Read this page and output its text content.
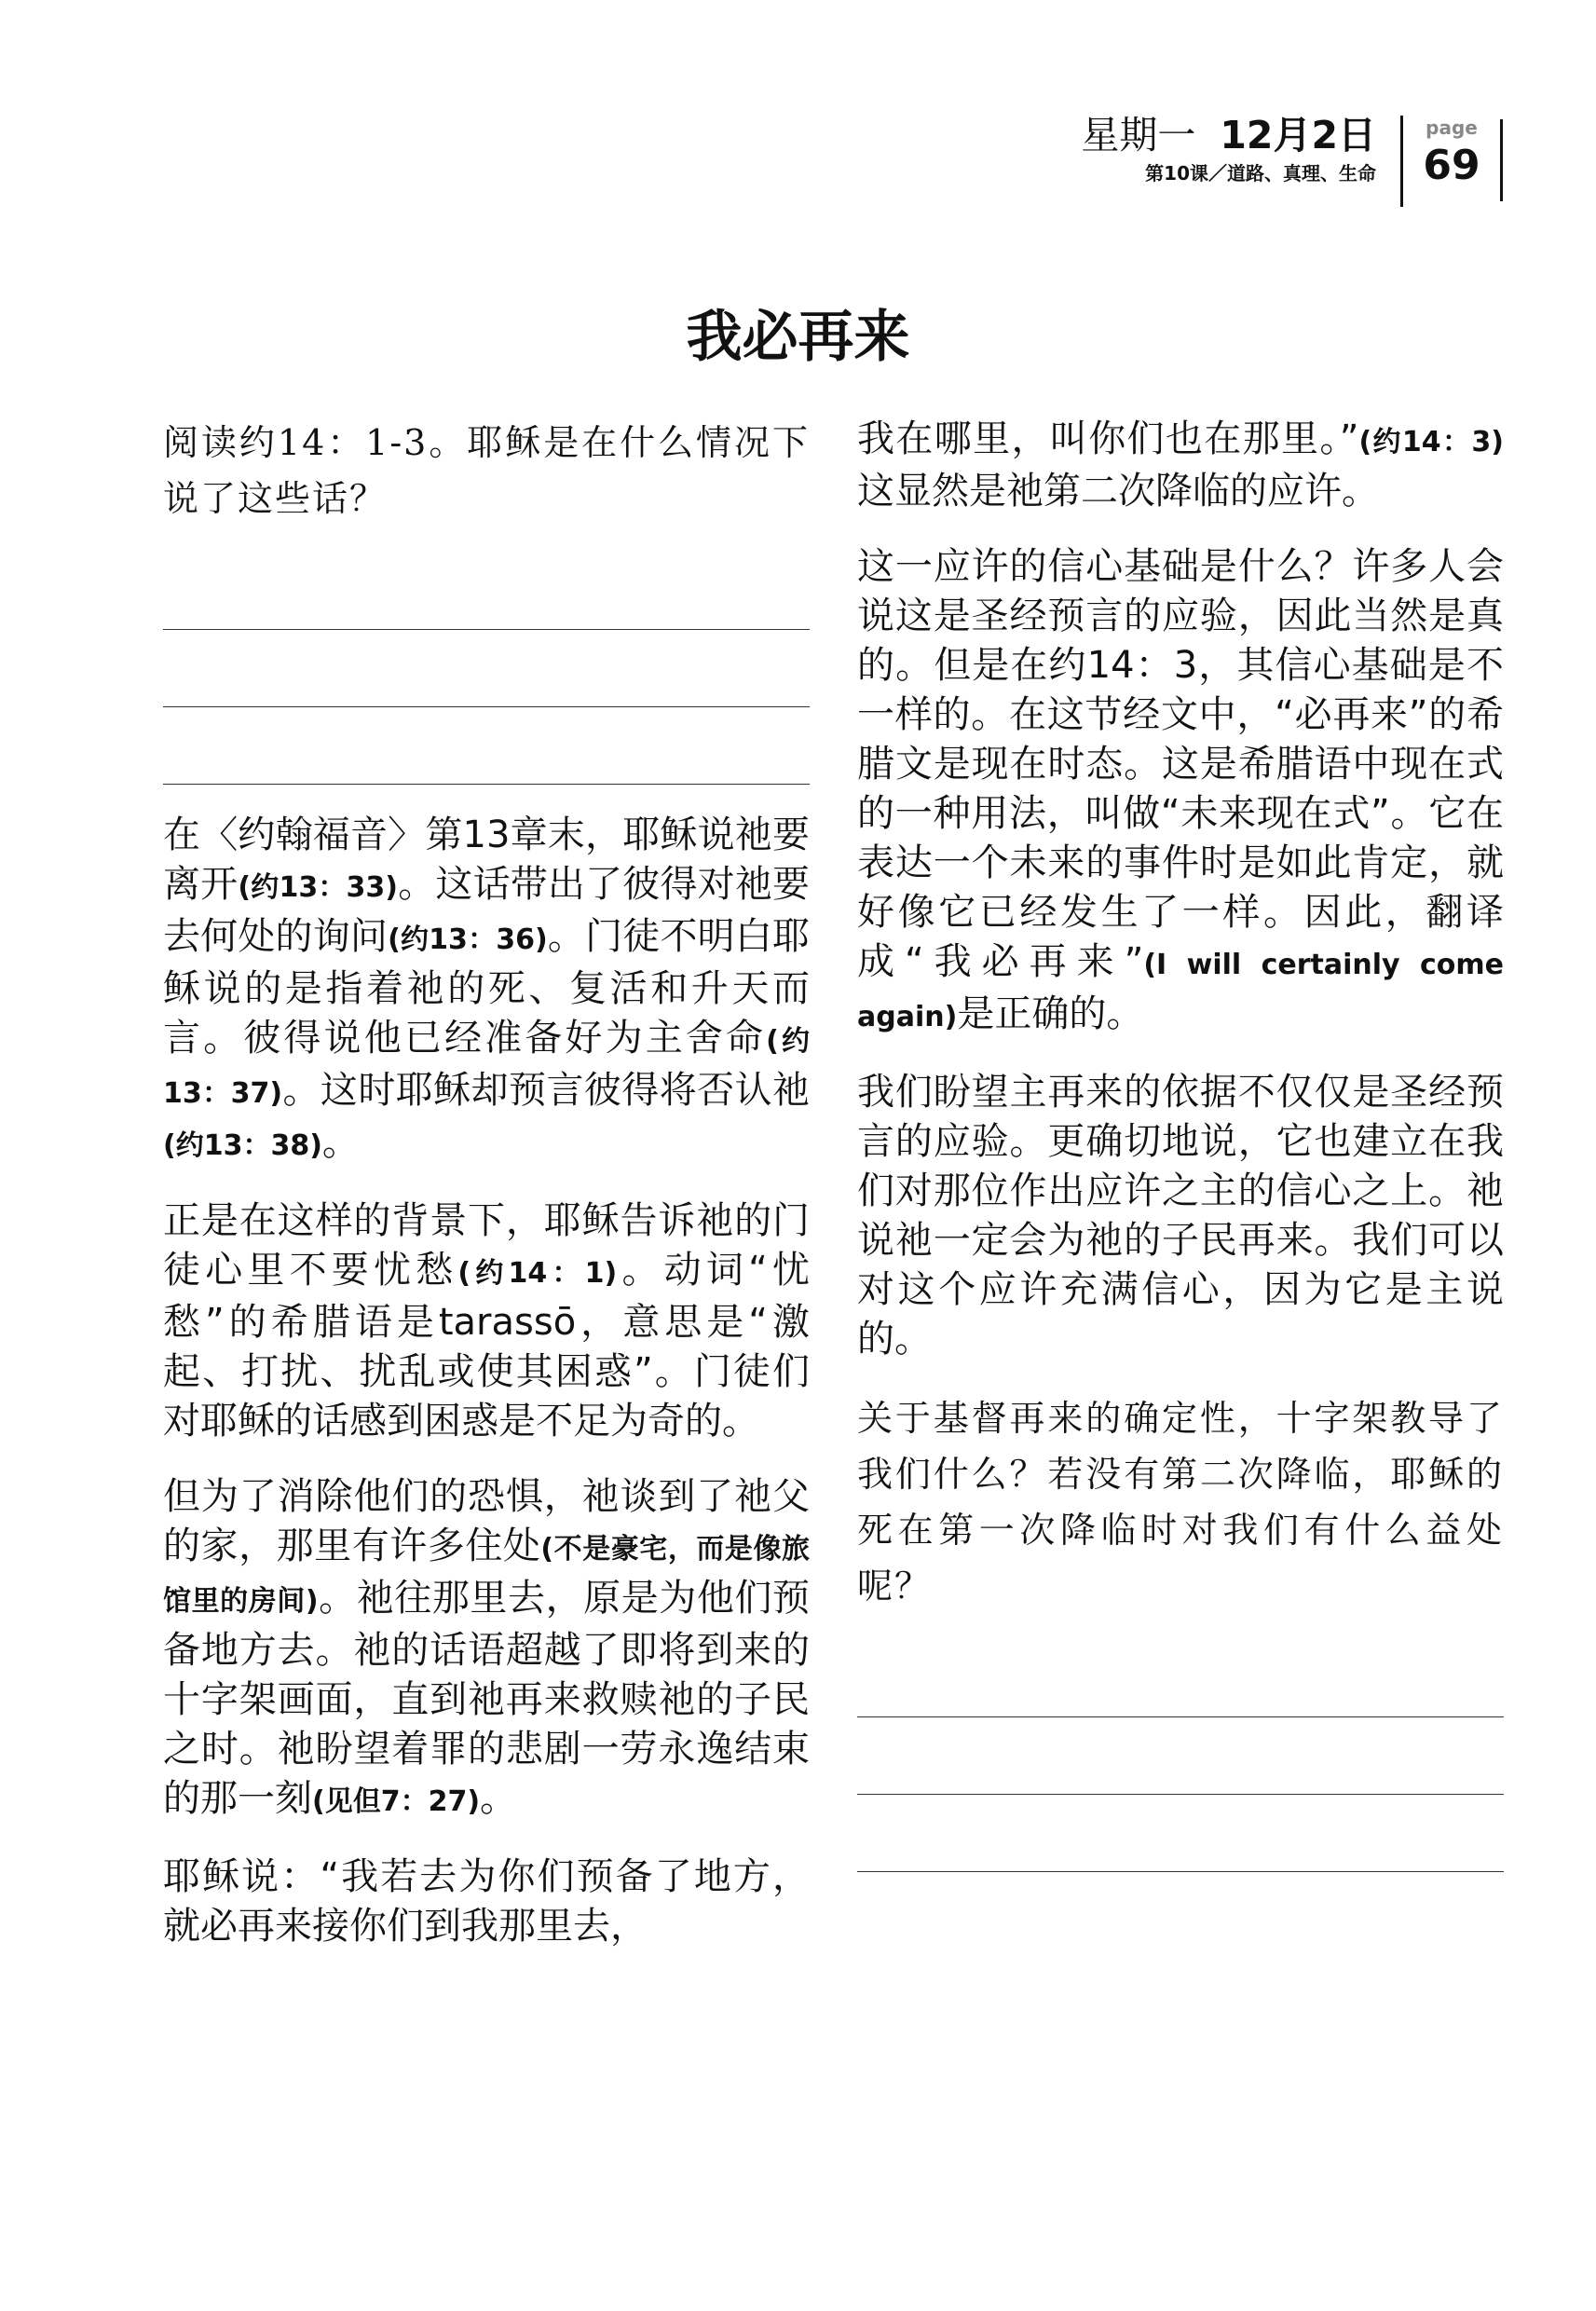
星期一 12月2日
第10课／道路、真理、生命
page
69
我必再来

阅读约14：1-3。耶稣是在什么情况下说了这些话？

在〈约翰福音〉第13章末，耶稣说祂要离开(约13：33)。这话带出了彼得对祂要去何处的询问(约13：36)。门徒不明白耶稣说的是指着祂的死、复活和升天而言。彼得说他已经准备好为主舍命(约13：37)。这时耶稣却预言彼得将否认祂(约13：38)。

正是在这样的背景下，耶稣告诉祂的门徒心里不要忧愁(约14：1)。动词“忧愁”的希腊语是tarassō，意思是“激起、打扰、扰乱或使其困惑”。门徒们对耶稣的话感到困惑是不足为奇的。

但为了消除他们的恐惧，祂谈到了祂父的家，那里有许多住处(不是豪宅，而是像旅馆里的房间)。祂往那里去，原是为他们预备地方去。祂的话语超越了即将到来的十字架画面，直到祂再来救赎祂的子民之时。祂盼望着罪的悲剧一劳永逸结束的那一刻(见但7：27)。

耶稣说：“我若去为你们预备了地方，就必再来接你们到我那里去，

我在哪里，叫你们也在那里。”(约14：3)这显然是祂第二次降临的应许。

这一应许的信心基础是什么？许多人会说这是圣经预言的应验，因此当然是真的。但是在约14：3，其信心基础是不一样的。在这节经文中，“必再来”的希腊文是现在时态。这是希腊语中现在式的一种用法，叫做“未来现在式”。它在表达一个未来的事件时是如此肯定，就好像它已经发生了一样。因此，翻译成“我必再来”(I will certainly come again)是正确的。

我们盼望主再来的依据不仅仅是圣经预言的应验。更确切地说，它也建立在我们对那位作出应许之主的信心之上。祂说祂一定会为祂的子民再来。我们可以对这个应许充满信心，因为它是主说的。

关于基督再来的确定性，十字架教导了我们什么？若没有第二次降临，耶稣的死在第一次降临时对我们有什么益处呢？
